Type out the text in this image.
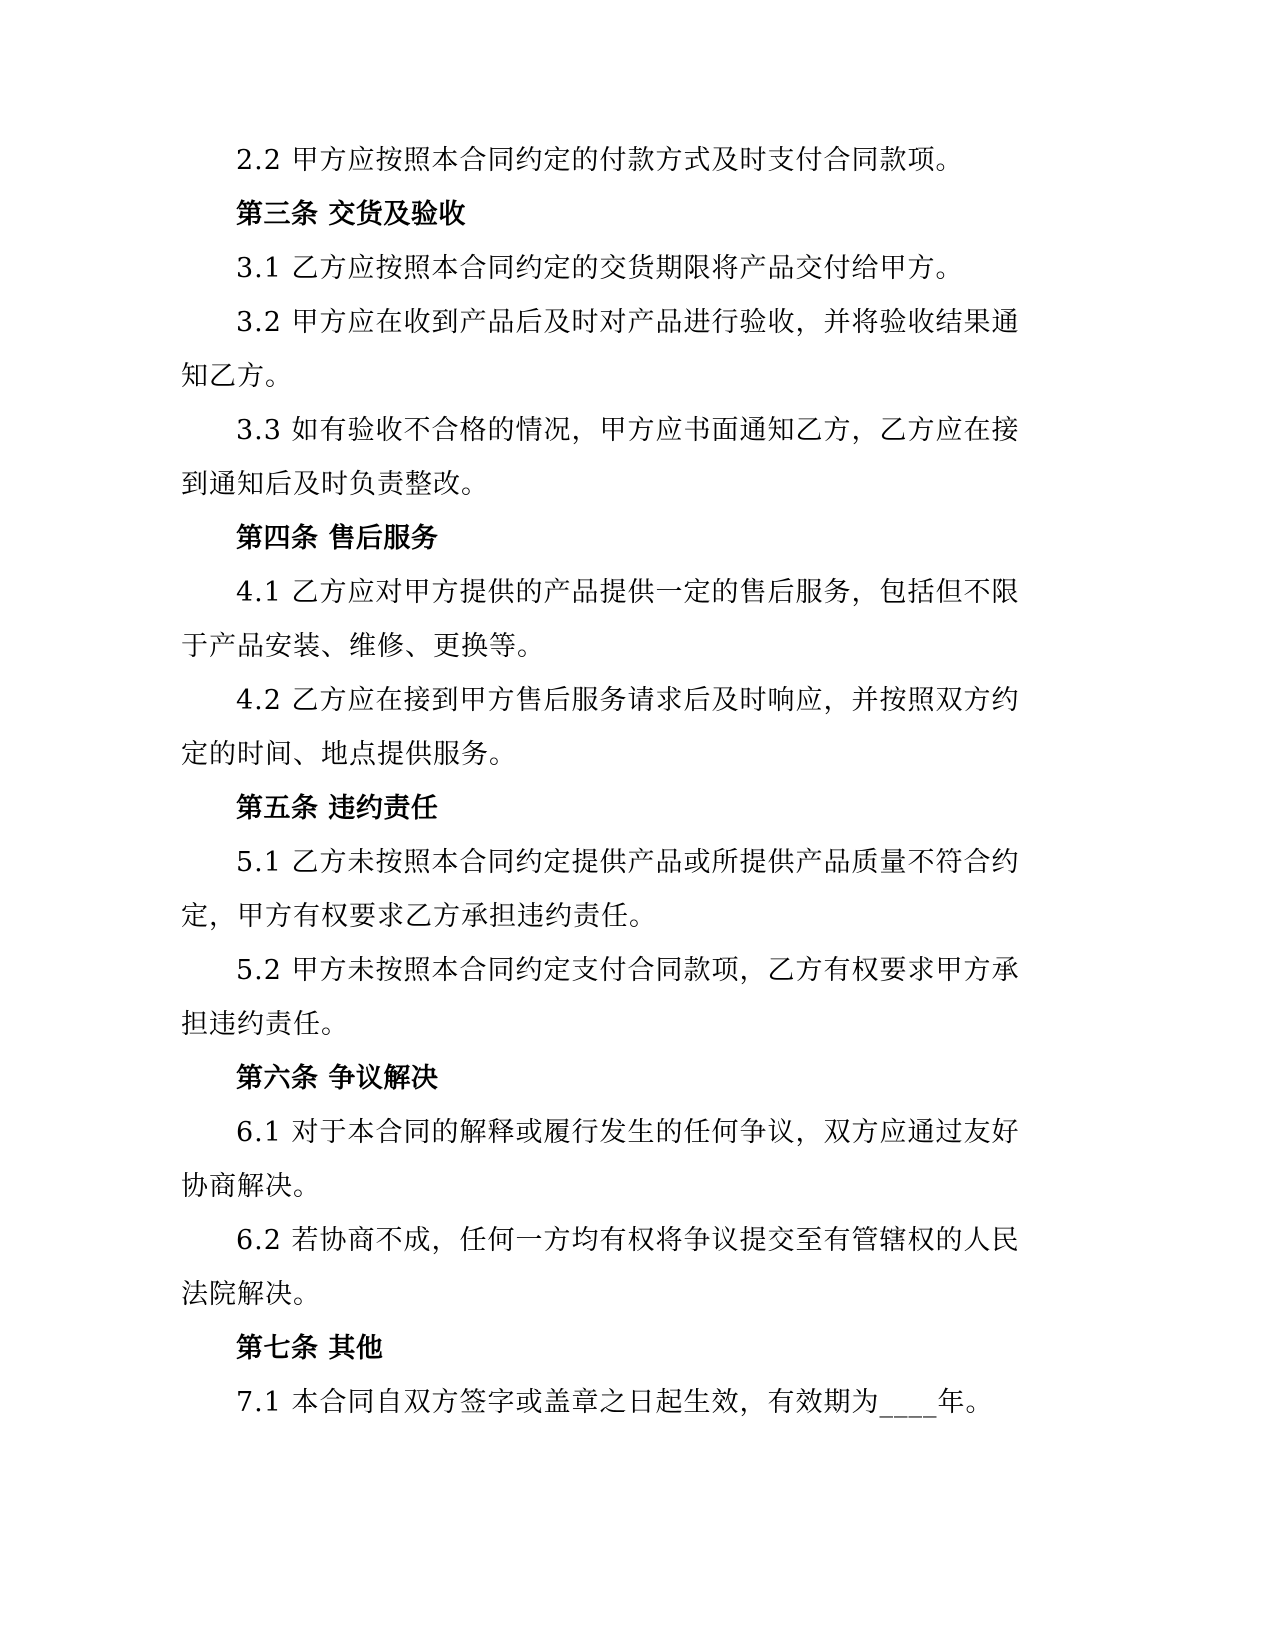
2.2 甲方应按照本合同约定的付款方式及时支付合同款项。
第三条 交货及验收
3.1 乙方应按照本合同约定的交货期限将产品交付给甲方。
3.2 甲方应在收到产品后及时对产品进行验收，并将验收结果通
知乙方。
3.3 如有验收不合格的情况，甲方应书面通知乙方，乙方应在接
到通知后及时负责整改。
第四条 售后服务
4.1 乙方应对甲方提供的产品提供一定的售后服务，包括但不限
于产品安装、维修、更换等。
4.2 乙方应在接到甲方售后服务请求后及时响应，并按照双方约
定的时间、地点提供服务。
第五条 违约责任
5.1 乙方未按照本合同约定提供产品或所提供产品质量不符合约
定，甲方有权要求乙方承担违约责任。
5.2 甲方未按照本合同约定支付合同款项，乙方有权要求甲方承
担违约责任。
第六条 争议解决
6.1 对于本合同的解释或履行发生的任何争议，双方应通过友好
协商解决。
6.2 若协商不成，任何一方均有权将争议提交至有管辖权的人民
法院解决。
第七条 其他
7.1 本合同自双方签字或盖章之日起生效，有效期为____年。
